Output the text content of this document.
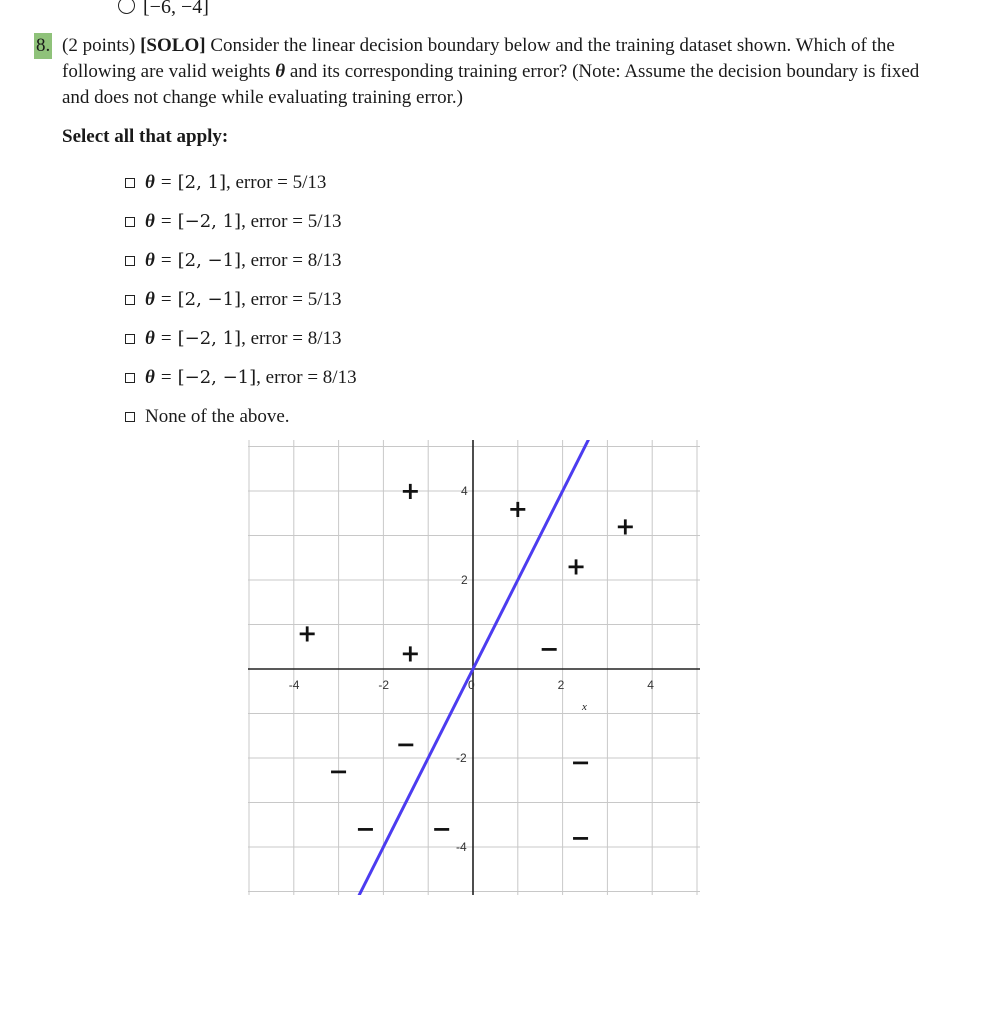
[−6, −4]
8. (2 points) [SOLO] Consider the linear decision boundary below and the training dataset shown. Which of the following are valid weights θ and its corresponding training error? (Note: Assume the decision boundary is fixed and does not change while evaluating training error.)
Select all that apply:
θ = [2, 1] , error = 5/13
θ = [−2, 1] , error = 5/13
θ = [2, −1] , error = 8/13
θ = [2, −1] , error = 5/13
θ = [−2, 1] , error = 8/13
θ = [−2, −1] , error = 8/13
None of the above.
-4	-2	0	2	4
4
2
-2
-4
x
+
+
+
+
+
+	−
−
−	−
− −	−
